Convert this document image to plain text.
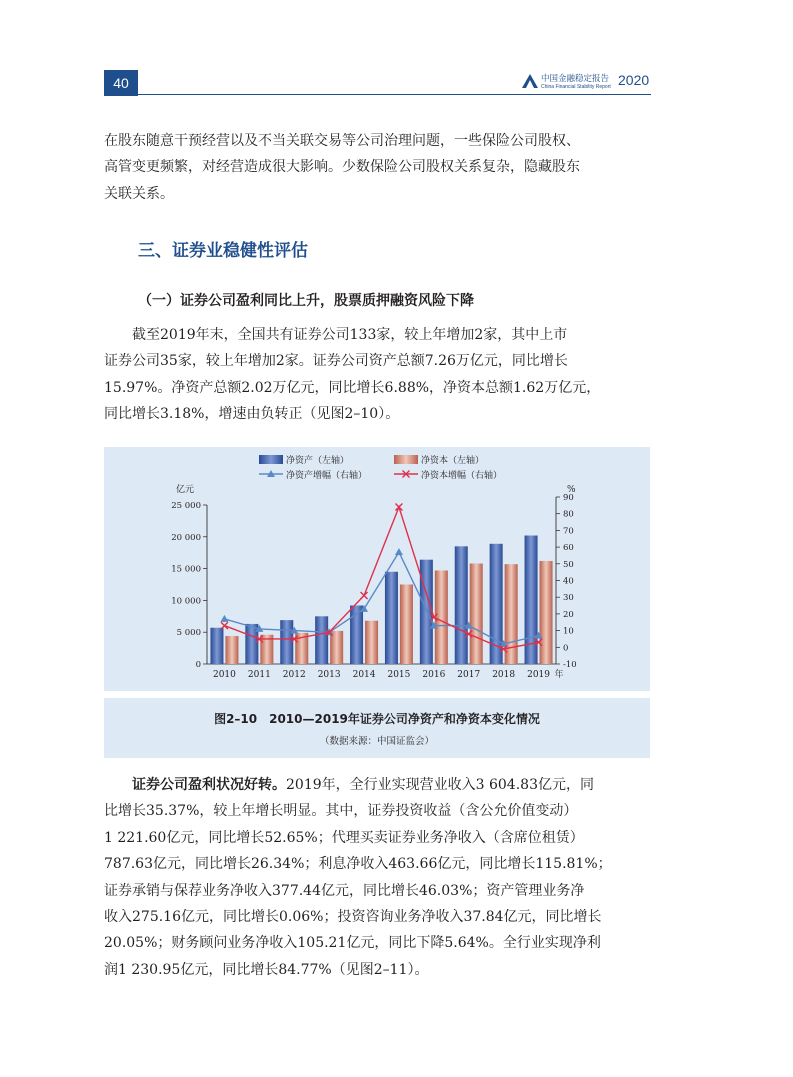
40	中国金融稳定报告
China Financial Stability Report 2020

在股东随意干预经营以及不当关联交易等公司治理问题，一些保险公司股权、
高管变更频繁，对经营造成很大影响。少数保险公司股权关系复杂，隐藏股东
关联关系。

三、证券业稳健性评估
（一）证券公司盈利同比上升，股票质押融资风险下降

截至2019年末，全国共有证券公司133家，较上年增加2家，其中上市
证券公司35家，较上年增加2家。证券公司资产总额7.26万亿元，同比增长
15.97%。净资产总额2.02万亿元，同比增长6.88%，净资本总额1.62万亿元，
同比增长3.18%，增速由负转正（见图2–10）。

0
5 000
10 000
15 000
20 000
25 000
亿元
-10
0
10
20
30
40
50
60
70
80
90
%
2010 2011 2012 2013 2014 2015 2016 2017 2018 2019 年
净资产（左轴）	净资本（左轴）
净资产增幅（右轴）	净资本增幅（右轴）
图2–10　2010—2019年证券公司净资产和净资本变化情况
（数据来源：中国证监会）

证券公司盈利状况好转。2019年，全行业实现营业收入3 604.83亿元，同
比增长35.37%，较上年增长明显。其中，证券投资收益（含公允价值变动）
1 221.60亿元，同比增长52.65%；代理买卖证券业务净收入（含席位租赁）
787.63亿元，同比增长26.34%；利息净收入463.66亿元，同比增长115.81%；
证券承销与保荐业务净收入377.44亿元，同比增长46.03%；资产管理业务净
收入275.16亿元，同比增长0.06%；投资咨询业务净收入37.84亿元，同比增长
20.05%；财务顾问业务净收入105.21亿元，同比下降5.64%。全行业实现净利
润1 230.95亿元，同比增长84.77%（见图2–11）。
